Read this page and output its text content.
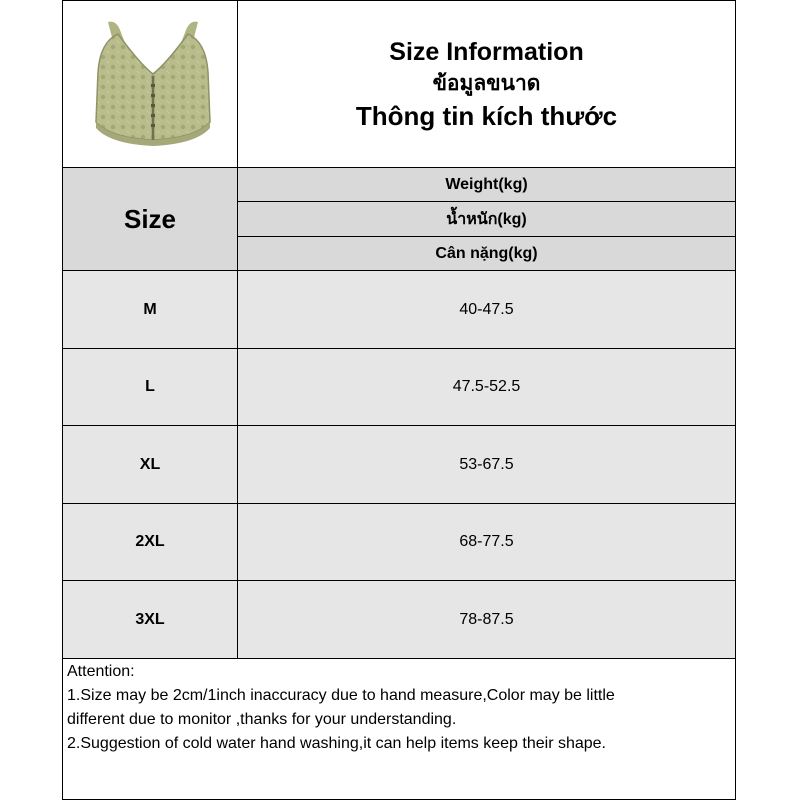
Size Information
ข้อมูลขนาด
Thông tin kích thước
Size
Weight(kg)
น้ำหนัก(kg)
Cân nặng(kg)
M	40-47.5
L	47.5-52.5
XL	53-67.5
2XL	68-77.5
3XL	78-87.5
Attention:
1.Size may be 2cm/1inch inaccuracy due to hand measure,Color may be little
different due to monitor ,thanks for your understanding.
2.Suggestion of cold water hand washing,it can help items keep their shape.
